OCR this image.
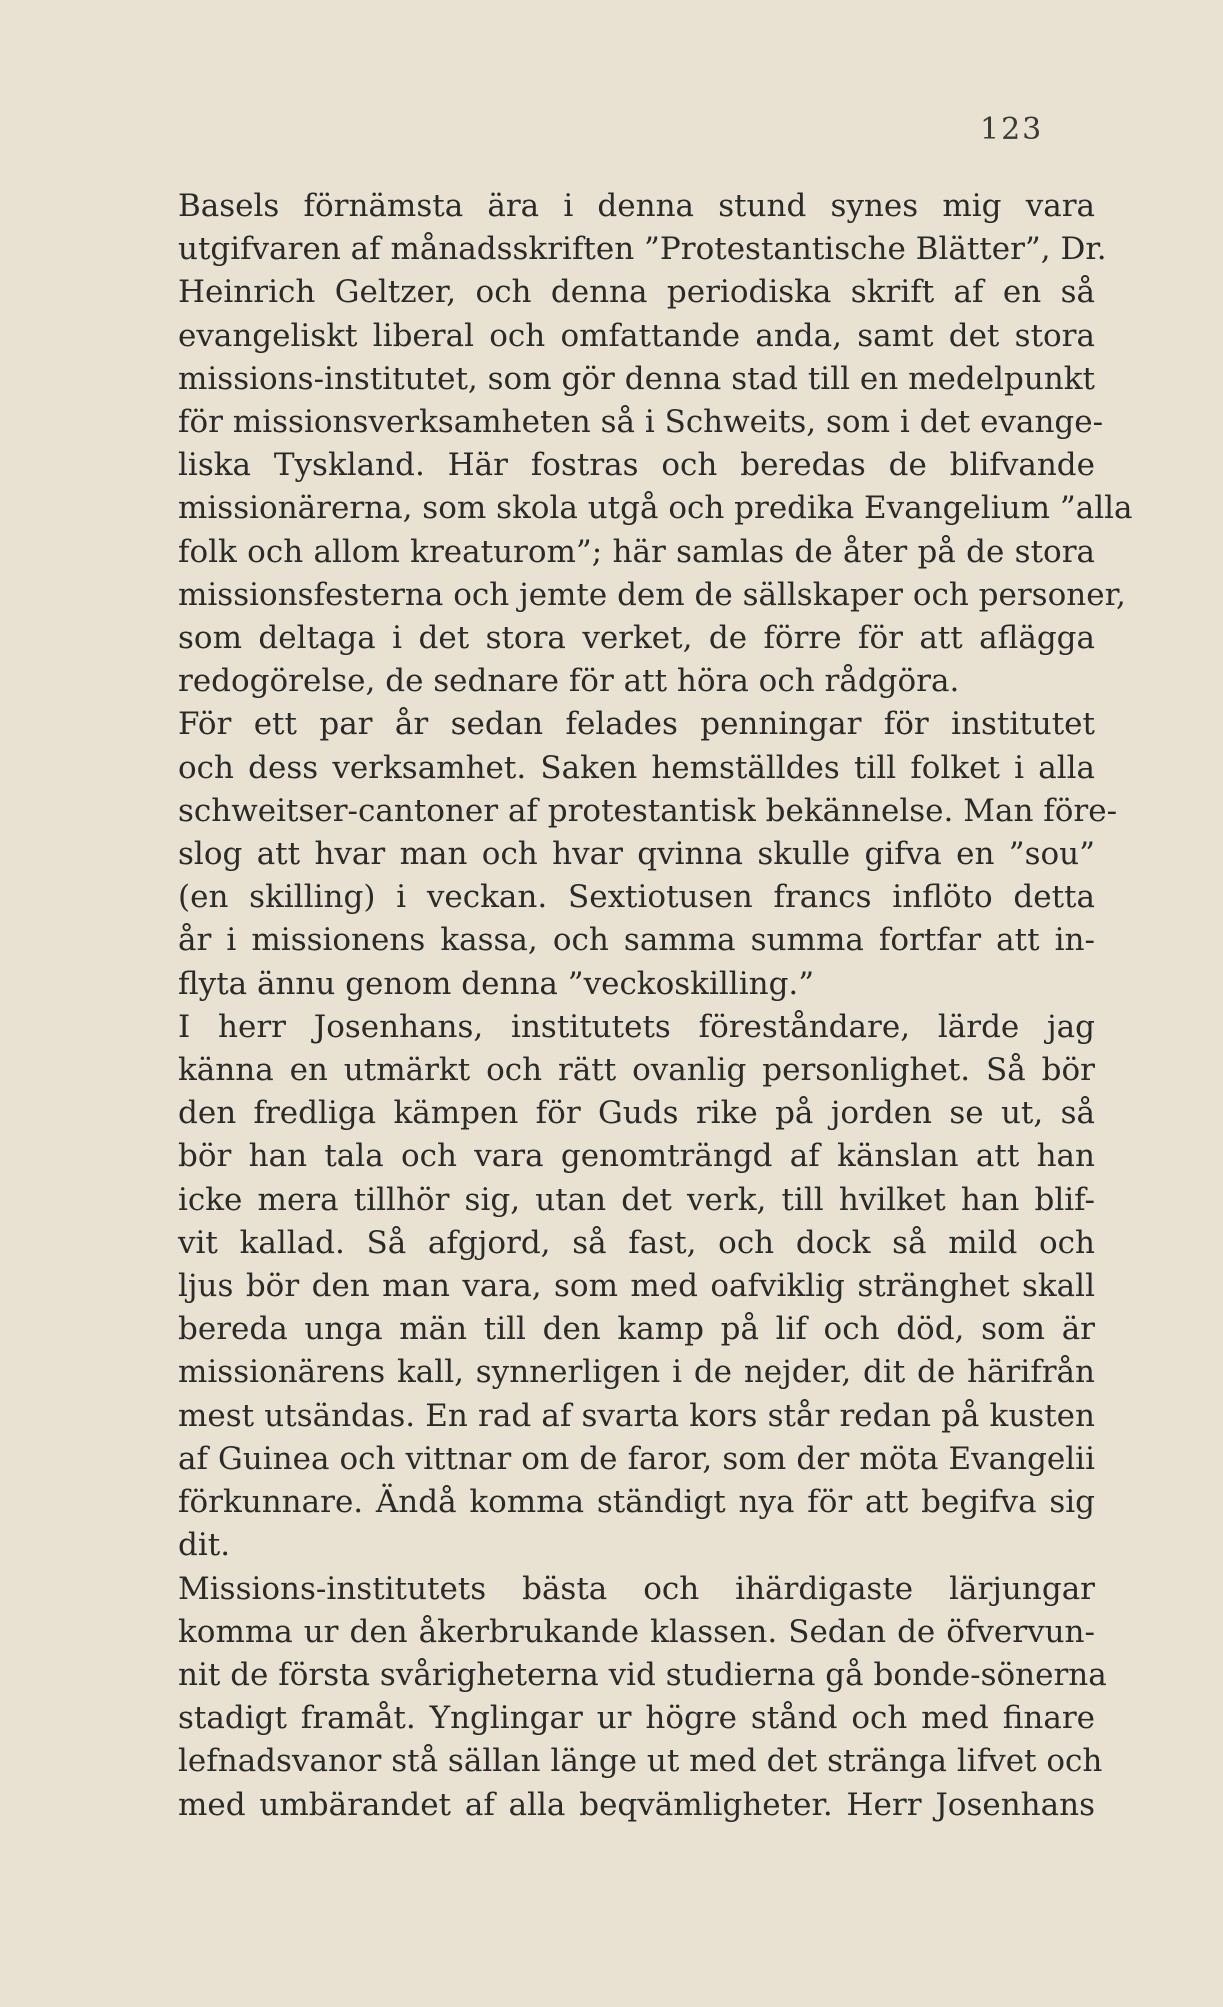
123
Basels förnämsta ära i denna stund synes mig vara
utgifvaren af månadsskriften ”Protestantische Blätter”, Dr.
Heinrich Geltzer, och denna periodiska skrift af en så
evangeliskt liberal och omfattande anda, samt det stora
missions-institutet, som gör denna stad till en medelpunkt
för missionsverksamheten så i Schweits, som i det evange-
liska Tyskland. Här fostras och beredas de blifvande
missionärerna, som skola utgå och predika Evangelium ”alla
folk och allom kreaturom”; här samlas de åter på de stora
missionsfesterna och jemte dem de sällskaper och personer,
som deltaga i det stora verket, de förre för att aflägga
redogörelse, de sednare för att höra och rådgöra.
För ett par år sedan felades penningar för institutet
och dess verksamhet. Saken hemställdes till folket i alla
schweitser-cantoner af protestantisk bekännelse. Man före-
slog att hvar man och hvar qvinna skulle gifva en ”sou”
(en skilling) i veckan. Sextiotusen francs inflöto detta
år i missionens kassa, och samma summa fortfar att in-
flyta ännu genom denna ”veckoskilling.”
I herr Josenhans, institutets föreståndare, lärde jag
känna en utmärkt och rätt ovanlig personlighet. Så bör
den fredliga kämpen för Guds rike på jorden se ut, så
bör han tala och vara genomträngd af känslan att han
icke mera tillhör sig, utan det verk, till hvilket han blif-
vit kallad. Så afgjord, så fast, och dock så mild och
ljus bör den man vara, som med oafviklig stränghet skall
bereda unga män till den kamp på lif och död, som är
missionärens kall, synnerligen i de nejder, dit de härifrån
mest utsändas. En rad af svarta kors står redan på kusten
af Guinea och vittnar om de faror, som der möta Evangelii
förkunnare. Ändå komma ständigt nya för att begifva sig
dit.
Missions-institutets bästa och ihärdigaste lärjungar
komma ur den åkerbrukande klassen. Sedan de öfvervun-
nit de första svårigheterna vid studierna gå bonde-sönerna
stadigt framåt. Ynglingar ur högre stånd och med finare
lefnadsvanor stå sällan länge ut med det stränga lifvet och
med umbärandet af alla beqvämligheter. Herr Josenhans
